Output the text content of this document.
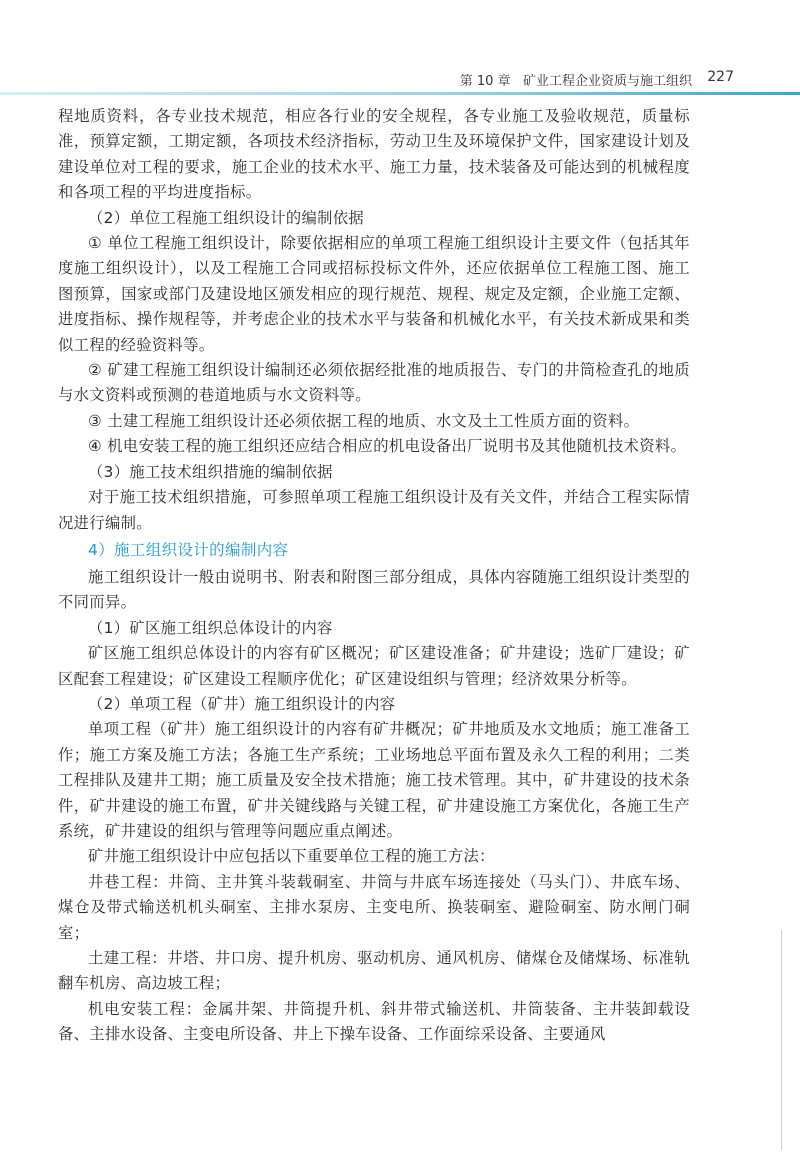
第 10 章 矿业工程企业资质与施工组织 227

程地质资料，各专业技术规范，相应各行业的安全规程，各专业施工及验收规范，质量标准，预算定额，工期定额，各项技术经济指标，劳动卫生及环境保护文件，国家建设计划及建设单位对工程的要求，施工企业的技术水平、施工力量，技术装备及可能达到的机械程度和各项工程的平均进度指标。

（2）单位工程施工组织设计的编制依据

① 单位工程施工组织设计，除要依据相应的单项工程施工组织设计主要文件（包括其年度施工组织设计），以及工程施工合同或招标投标文件外，还应依据单位工程施工图、施工图预算，国家或部门及建设地区颁发相应的现行规范、规程、规定及定额，企业施工定额、进度指标、操作规程等，并考虑企业的技术水平与装备和机械化水平，有关技术新成果和类似工程的经验资料等。

② 矿建工程施工组织设计编制还必须依据经批准的地质报告、专门的井筒检查孔的地质与水文资料或预测的巷道地质与水文资料等。

③ 土建工程施工组织设计还必须依据工程的地质、水文及土工性质方面的资料。

④ 机电安装工程的施工组织还应结合相应的机电设备出厂说明书及其他随机技术资料。

（3）施工技术组织措施的编制依据

对于施工技术组织措施，可参照单项工程施工组织设计及有关文件，并结合工程实际情况进行编制。

4）施工组织设计的编制内容

施工组织设计一般由说明书、附表和附图三部分组成，具体内容随施工组织设计类型的不同而异。

（1）矿区施工组织总体设计的内容

矿区施工组织总体设计的内容有矿区概况；矿区建设准备；矿井建设；选矿厂建设；矿区配套工程建设；矿区建设工程顺序优化；矿区建设组织与管理；经济效果分析等。

（2）单项工程（矿井）施工组织设计的内容

单项工程（矿井）施工组织设计的内容有矿井概况；矿井地质及水文地质；施工准备工作；施工方案及施工方法；各施工生产系统；工业场地总平面布置及永久工程的利用；二类工程排队及建井工期；施工质量及安全技术措施；施工技术管理。其中，矿井建设的技术条件，矿井建设的施工布置，矿井关键线路与关键工程，矿井建设施工方案优化，各施工生产系统，矿井建设的组织与管理等问题应重点阐述。

矿井施工组织设计中应包括以下重要单位工程的施工方法：

井巷工程：井筒、主井箕斗装载硐室、井筒与井底车场连接处（马头门）、井底车场、煤仓及带式输送机机头硐室、主排水泵房、主变电所、换装硐室、避险硐室、防水闸门硐室；

土建工程：井塔、井口房、提升机房、驱动机房、通风机房、储煤仓及储煤场、标准轨翻车机房、高边坡工程；

机电安装工程：金属井架、井筒提升机、斜井带式输送机、井筒装备、主井装卸载设备、主排水设备、主变电所设备、井上下操车设备、工作面综采设备、主要通风
